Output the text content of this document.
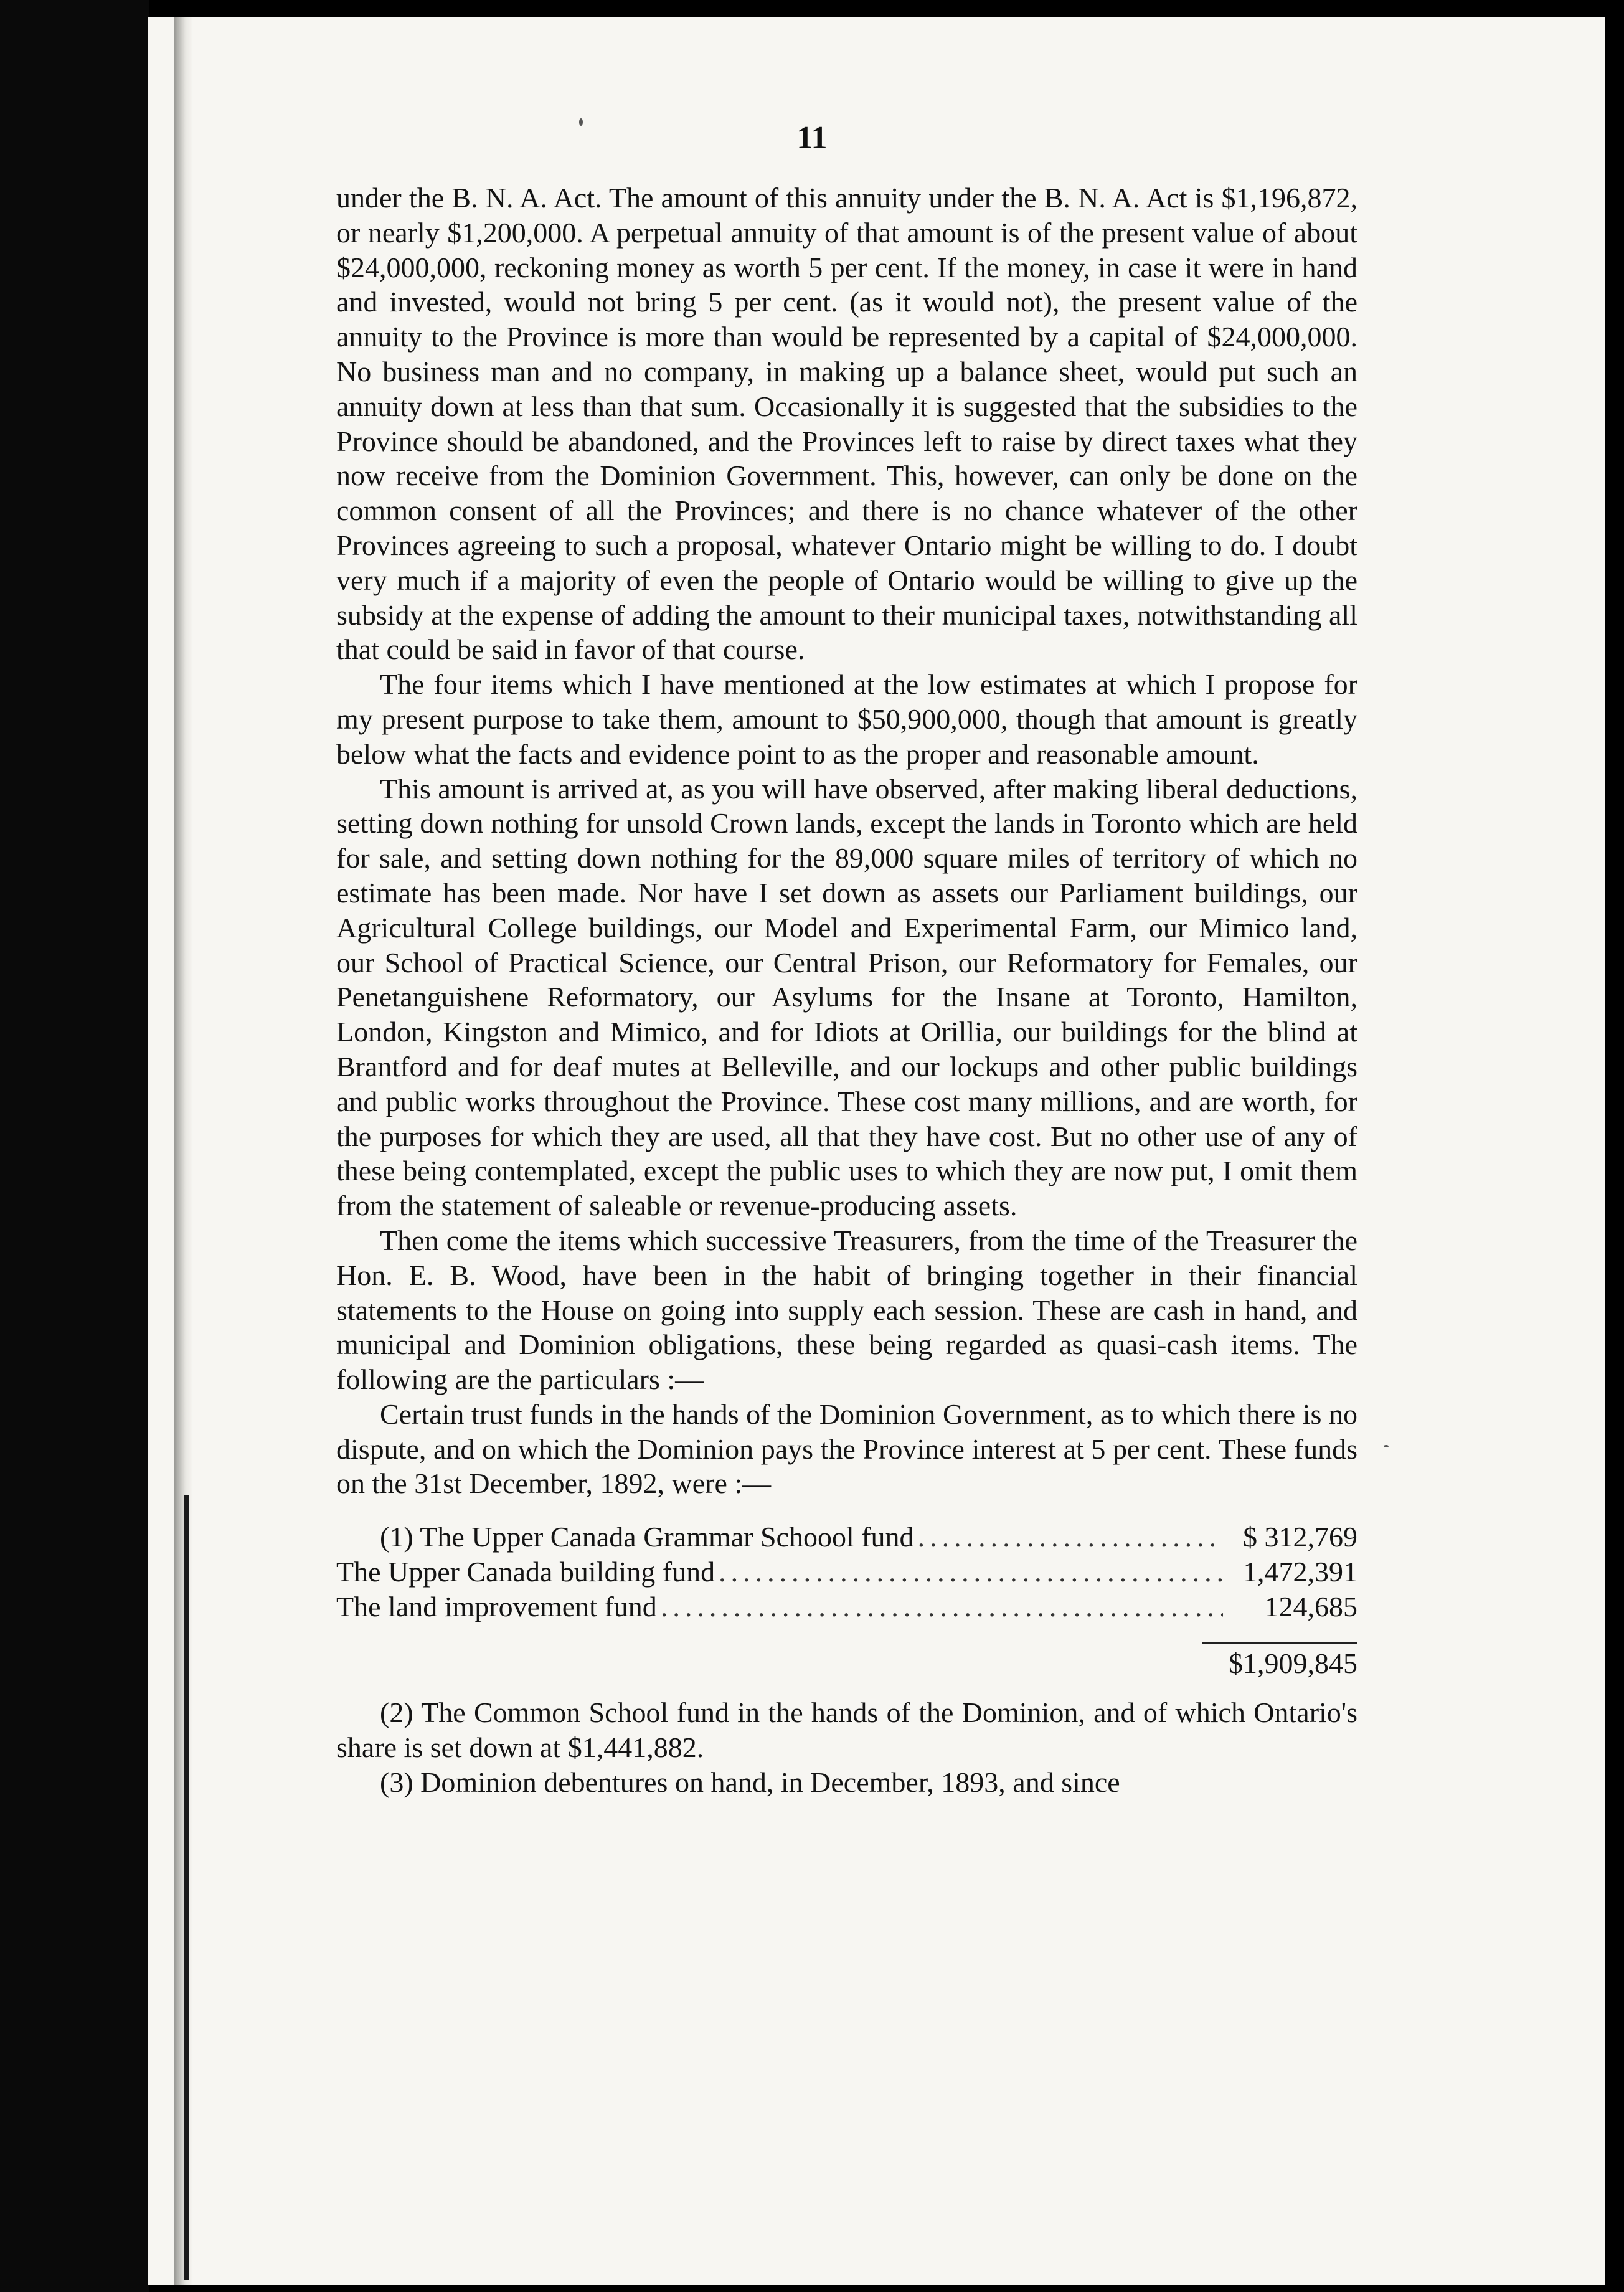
11

under the B. N. A. Act. The amount of this annuity under the B. N. A. Act is $1,196,872, or nearly $1,200,000. A perpetual annuity of that amount is of the present value of about $24,000,000, reckoning money as worth 5 per cent. If the money, in case it were in hand and invested, would not bring 5 per cent. (as it would not), the present value of the annuity to the Province is more than would be represented by a capital of $24,000,000. No business man and no company, in making up a balance sheet, would put such an annuity down at less than that sum. Occasionally it is suggested that the subsidies to the Province should be abandoned, and the Provinces left to raise by direct taxes what they now receive from the Dominion Government. This, however, can only be done on the common consent of all the Provinces; and there is no chance whatever of the other Provinces agreeing to such a proposal, whatever Ontario might be willing to do. I doubt very much if a majority of even the people of Ontario would be willing to give up the subsidy at the expense of adding the amount to their municipal taxes, notwithstanding all that could be said in favor of that course.

The four items which I have mentioned at the low estimates at which I propose for my present purpose to take them, amount to $50,900,000, though that amount is greatly below what the facts and evidence point to as the proper and reasonable amount.

This amount is arrived at, as you will have observed, after making liberal deductions, setting down nothing for unsold Crown lands, except the lands in Toronto which are held for sale, and setting down nothing for the 89,000 square miles of territory of which no estimate has been made. Nor have I set down as assets our Parliament buildings, our Agricultural College buildings, our Model and Experimental Farm, our Mimico land, our School of Practical Science, our Central Prison, our Reformatory for Females, our Penetanguishene Reformatory, our Asylums for the Insane at Toronto, Hamilton, London, Kingston and Mimico, and for Idiots at Orillia, our buildings for the blind at Brantford and for deaf mutes at Belleville, and our lockups and other public buildings and public works throughout the Province. These cost many millions, and are worth, for the purposes for which they are used, all that they have cost. But no other use of any of these being contemplated, except the public uses to which they are now put, I omit them from the statement of saleable or revenue-producing assets.

Then come the items which successive Treasurers, from the time of the Treasurer the Hon. E. B. Wood, have been in the habit of bringing together in their financial statements to the House on going into supply each session. These are cash in hand, and municipal and Dominion obligations, these being regarded as quasi-cash items. The following are the particulars :—

Certain trust funds in the hands of the Dominion Government, as to which there is no dispute, and on which the Dominion pays the Province interest at 5 per cent. These funds on the 31st December, 1892, were :—

(1) The Upper Canada Grammar Schoool fund .....	$ 312,769
The Upper Canada building fund .....	1,472,391
The land improvement fund .....	124,685
$1,909,845

(2) The Common School fund in the hands of the Dominion, and of which Ontario's share is set down at $1,441,882.

(3) Dominion debentures on hand, in December, 1893, and since
